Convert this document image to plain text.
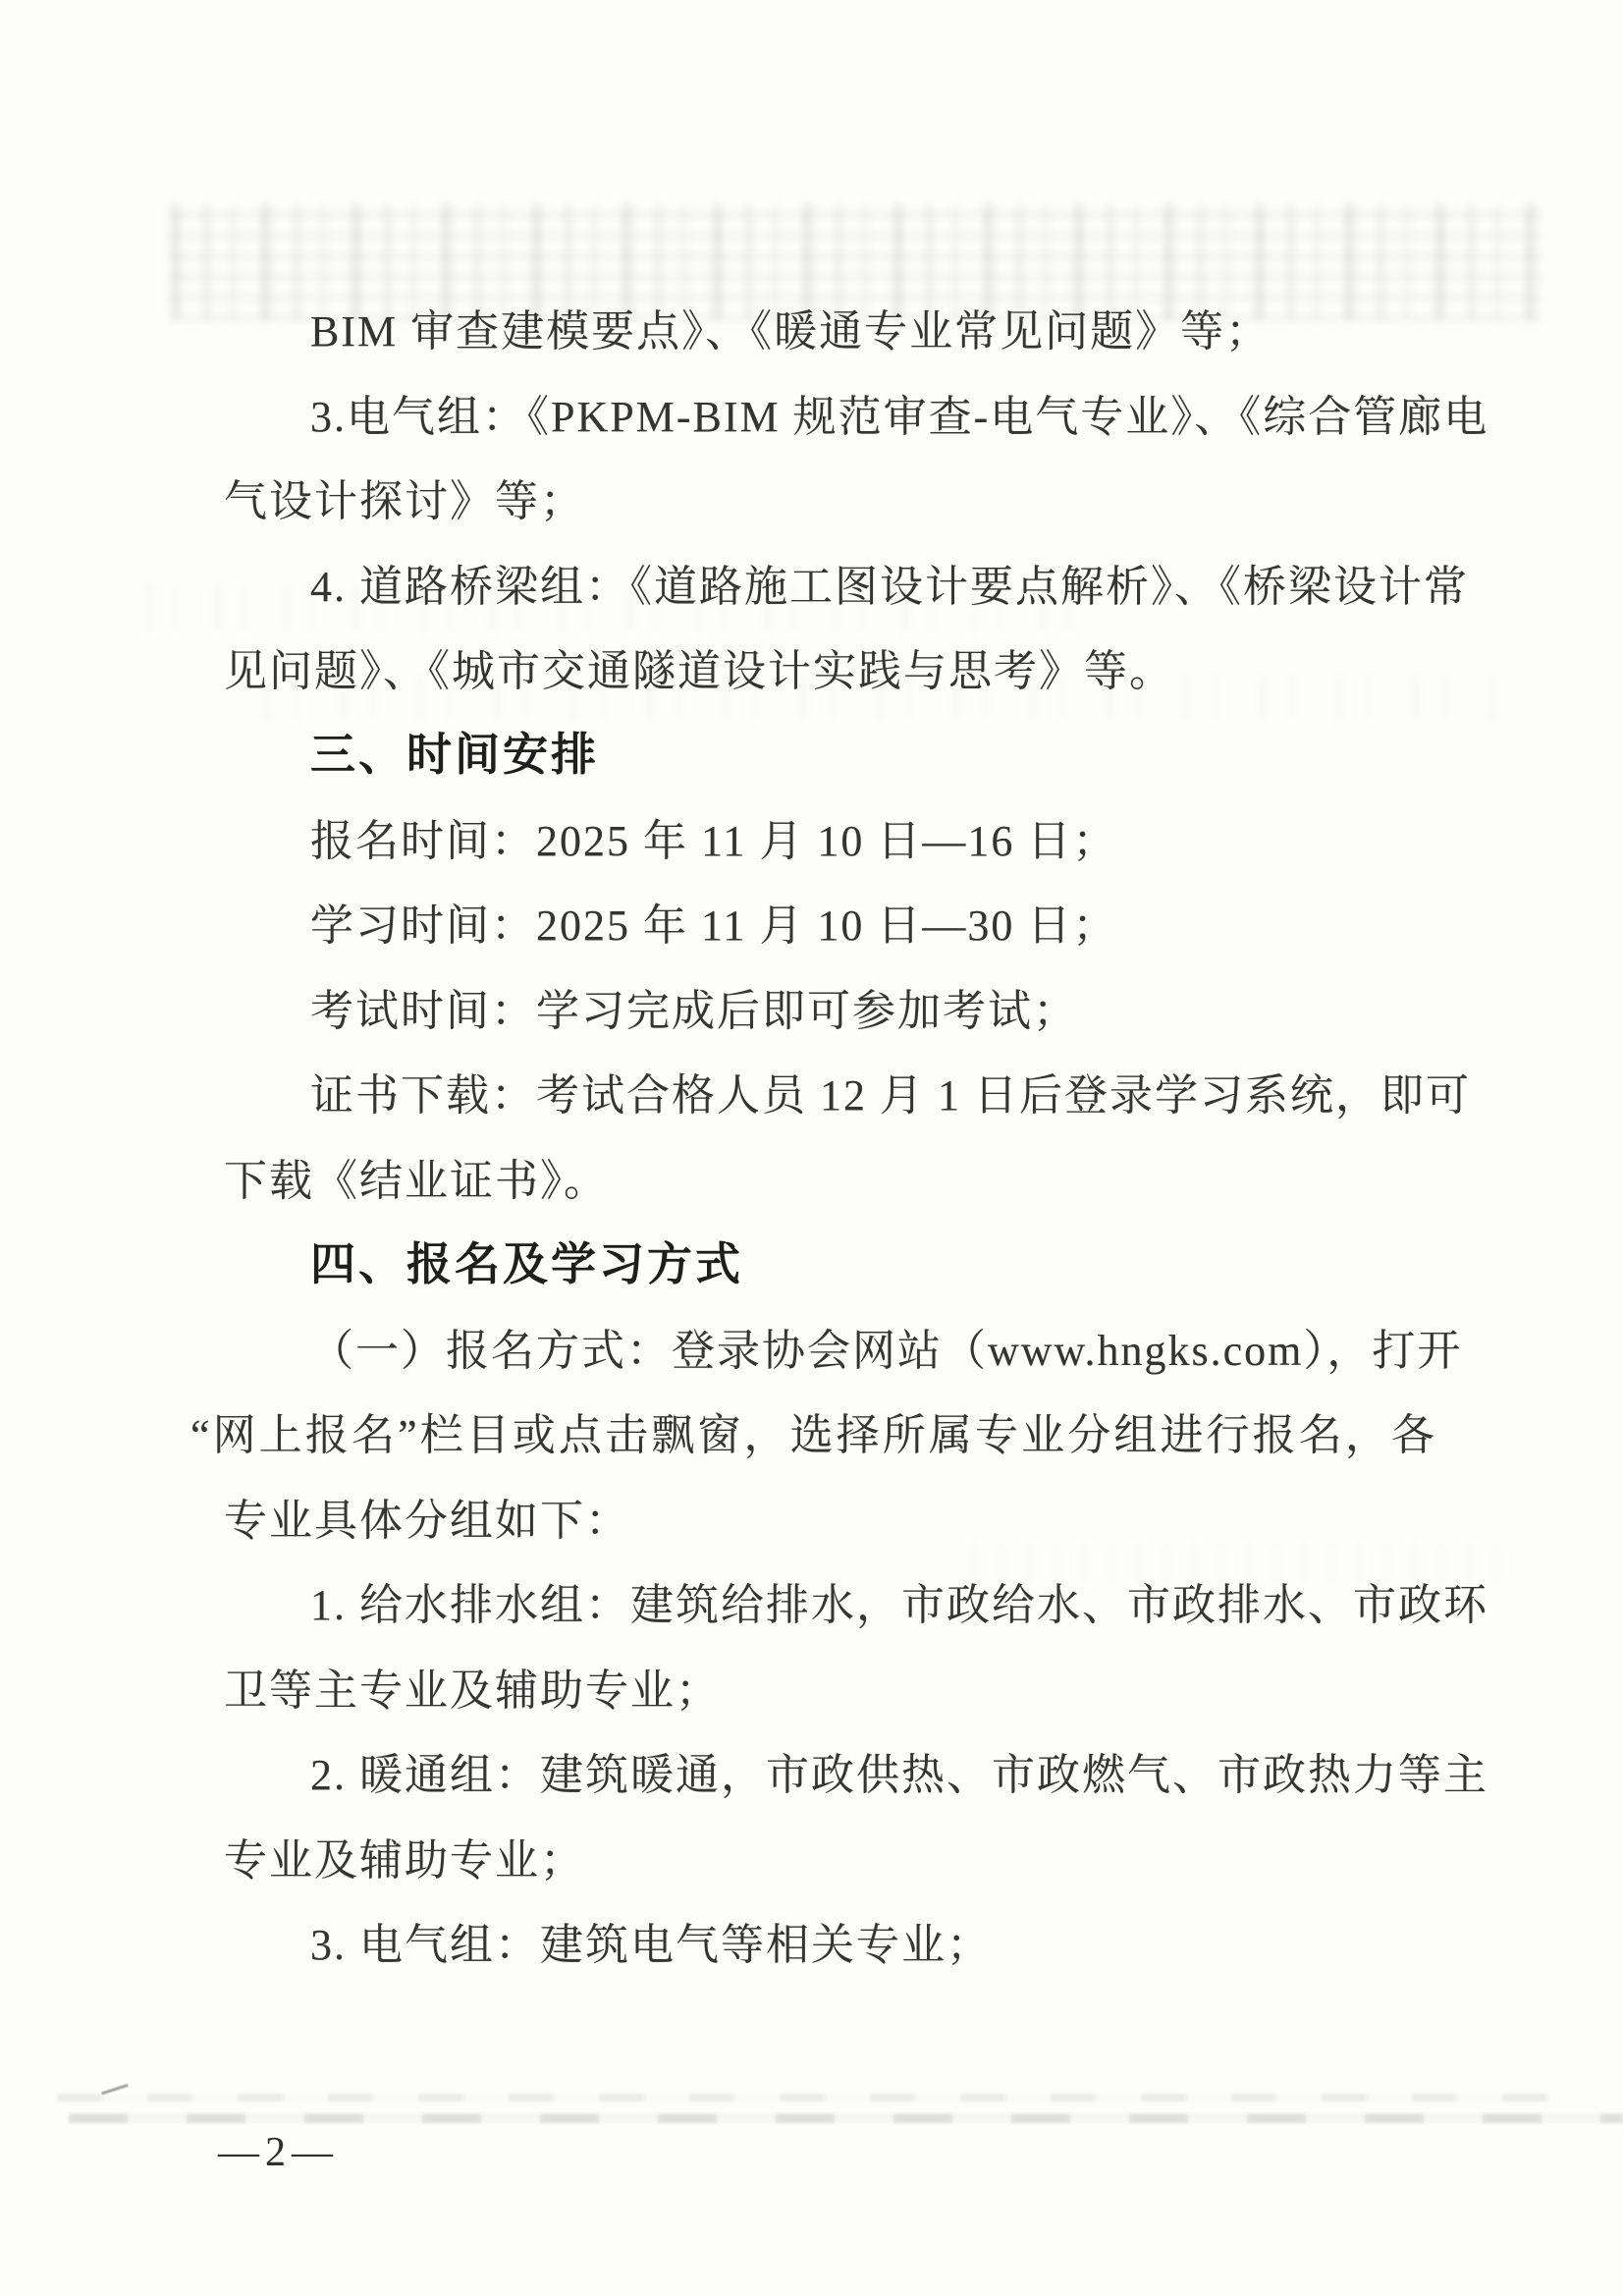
BIM 审查建模要点》、《暖通专业常见问题》等；
3.电气组：《PKPM-BIM 规范审查-电气专业》、《综合管廊电
气设计探讨》等；
4. 道路桥梁组：《道路施工图设计要点解析》、《桥梁设计常
见问题》、《城市交通隧道设计实践与思考》等。
三、时间安排
报名时间：2025 年 11 月 10 日—16 日；
学习时间：2025 年 11 月 10 日—30 日；
考试时间：学习完成后即可参加考试；
证书下载：考试合格人员 12 月 1 日后登录学习系统，即可
下载《结业证书》。
四、报名及学习方式
（一）报名方式：登录协会网站（www.hngks.com），打开
“网上报名”栏目或点击飘窗，选择所属专业分组进行报名，各
专业具体分组如下：
1. 给水排水组：建筑给排水，市政给水、市政排水、市政环
卫等主专业及辅助专业；
2. 暖通组：建筑暖通，市政供热、市政燃气、市政热力等主
专业及辅助专业；
3. 电气组：建筑电气等相关专业；
—2—
